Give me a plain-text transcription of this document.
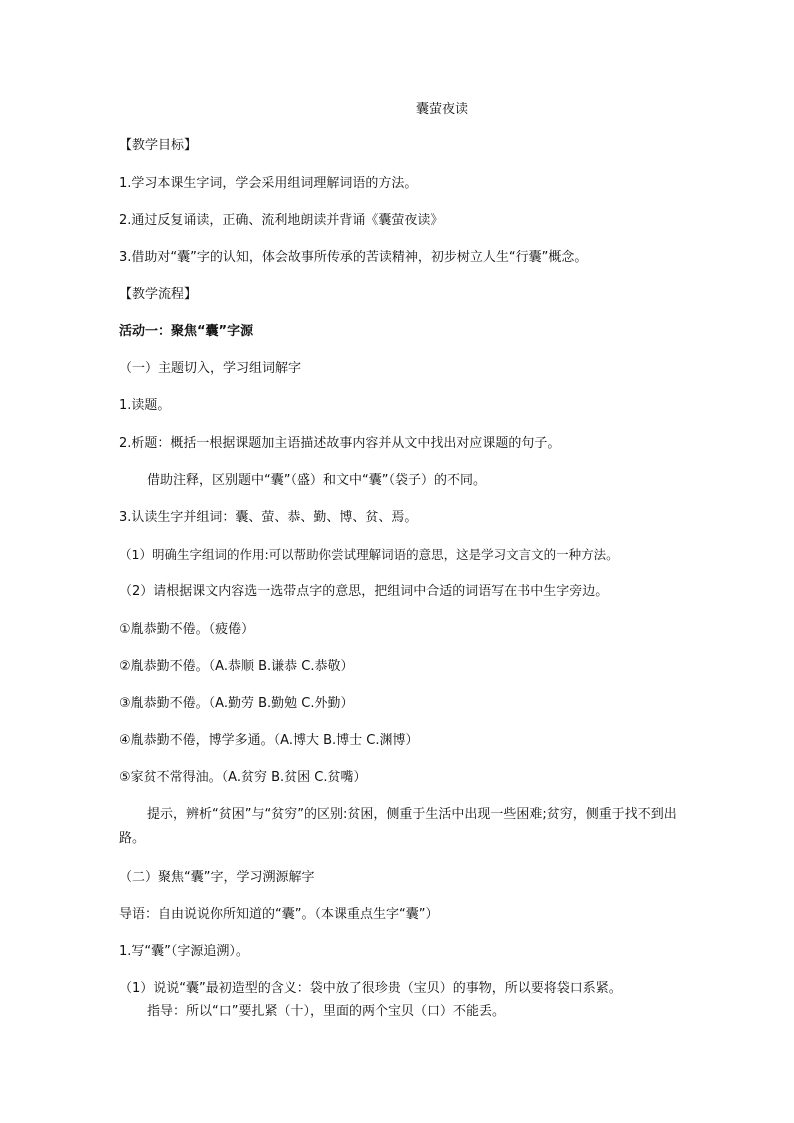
囊萤夜读
【教学目标】
1.学习本课生字词，学会采用组词理解词语的方法。
2.通过反复诵读，正确、流利地朗读并背诵《囊萤夜读》
3.借助对“囊”字的认知，体会故事所传承的苦读精神，初步树立人生“行囊”概念。
【教学流程】
活动一：聚焦“囊”字源
（一）主题切入，学习组词解字
1.读题。
2.析题：概括一根据课题加主语描述故事内容并从文中找出对应课题的句子。
借助注释，区别题中“囊”（盛）和文中“囊”（袋子）的不同。
3.认读生字并组词：囊、萤、恭、勤、博、贫、焉。
（1）明确生字组词的作用:可以帮助你尝试理解词语的意思，这是学习文言文的一种方法。
（2）请根据课文内容选一选带点字的意思，把组词中合适的词语写在书中生字旁边。
①胤恭勤不倦。（疲倦）
②胤恭勤不倦。（A.恭顺 B.谦恭 C.恭敬）
③胤恭勤不倦。（A.勤劳 B.勤勉 C.外勤）
④胤恭勤不倦，博学多通。（A.博大 B.博士 C.渊博）
⑤家贫不常得油。（A.贫穷 B.贫困 C.贫嘴）
提示，辨析“贫困”与“贫穷”的区别:贫困，侧重于生活中出现一些困难;贫穷，侧重于找不到出路。
（二）聚焦“囊”字，学习溯源解字
导语：自由说说你所知道的“囊”。（本课重点生字“囊”）
1.写“囊”（字源追溯）。
（1）说说“囊”最初造型的含义：袋中放了很珍贵（宝贝）的事物，所以要将袋口系紧。
指导：所以“口”要扎紧（十），里面的两个宝贝（口）不能丢。
